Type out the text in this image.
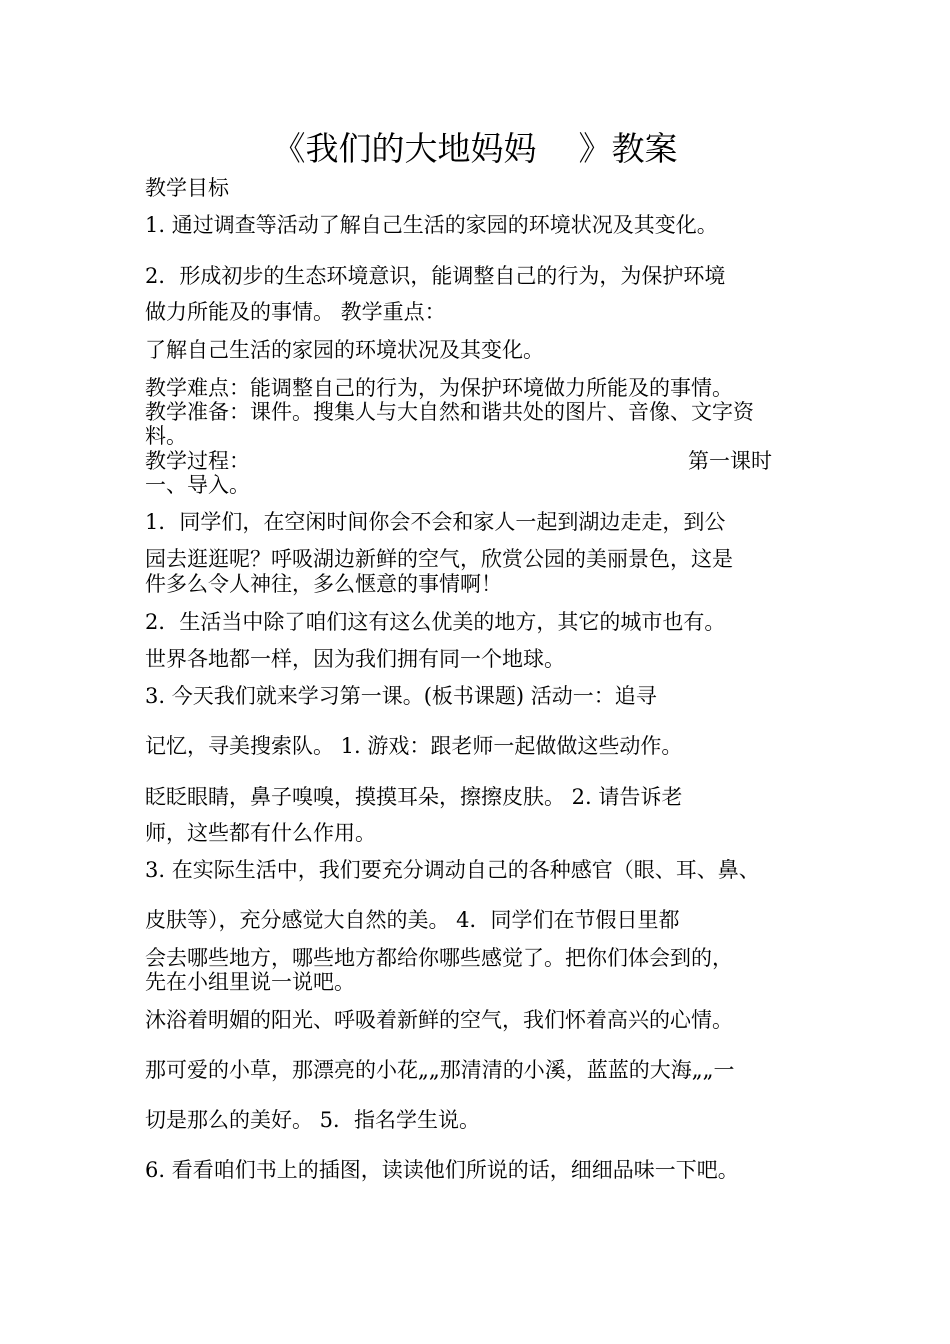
《我们的大地妈妈    》教案
教学目标
1. 通过调查等活动了解自己生活的家园的环境状况及其变化。
2．形成初步的生态环境意识，能调整自己的行为，为保护环境
做力所能及的事情。 教学重点：
了解自己生活的家园的环境状况及其变化。
教学难点：能调整自己的行为，为保护环境做力所能及的事情。
教学准备：课件。搜集人与大自然和谐共处的图片、音像、文字资
料。
教学过程：	第一课时
一、导入。
1．同学们，在空闲时间你会不会和家人一起到湖边走走，到公
园去逛逛呢？呼吸湖边新鲜的空气，欣赏公园的美丽景色，这是
件多么令人神往，多么惬意的事情啊！
2．生活当中除了咱们这有这么优美的地方，其它的城市也有。
世界各地都一样，因为我们拥有同一个地球。
3. 今天我们就来学习第一课。(板书课题) 活动一：追寻
记忆，寻美搜索队。 1. 游戏：跟老师一起做做这些动作。
眨眨眼睛，鼻子嗅嗅，摸摸耳朵，擦擦皮肤。 2. 请告诉老
师，这些都有什么作用。
3. 在实际生活中，我们要充分调动自己的各种感官（眼、耳、鼻、
皮肤等），充分感觉大自然的美。 4．同学们在节假日里都
会去哪些地方，哪些地方都给你哪些感觉了。把你们体会到的，
先在小组里说一说吧。
沐浴着明媚的阳光、呼吸着新鲜的空气，我们怀着高兴的心情。
那可爱的小草，那漂亮的小花„„那清清的小溪，蓝蓝的大海„„一
切是那么的美好。 5．指名学生说。
6. 看看咱们书上的插图，读读他们所说的话，细细品味一下吧。
